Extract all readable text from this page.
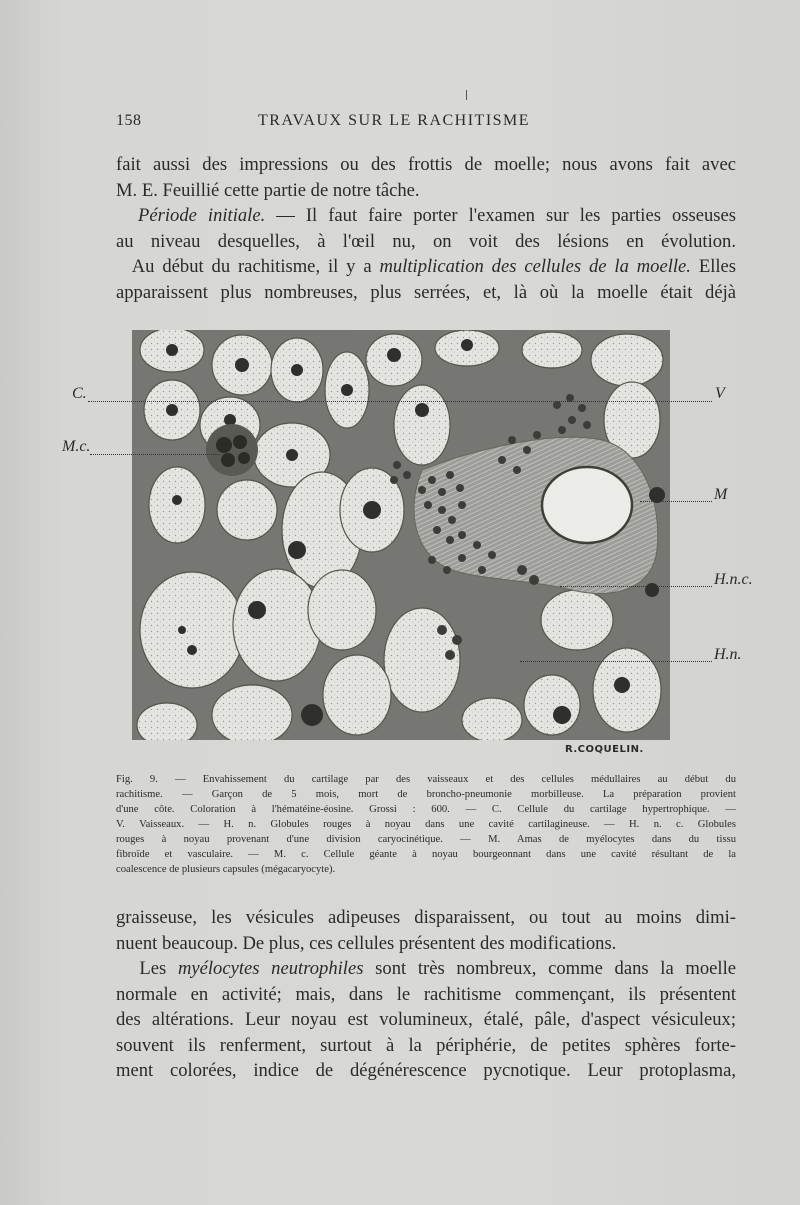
158	TRAVAUX SUR LE RACHITISME
fait aussi des impressions ou des frottis de moelle; nous avons fait avec
M. E. Feuillié cette partie de notre tâche.
Période initiale. — Il faut faire porter l'examen sur les parties osseuses
au niveau desquelles, à l'œil nu, on voit des lésions en évolution.
Au début du rachitisme, il y a multiplication des cellules de la moelle. Elles
apparaissent plus nombreuses, plus serrées, et, là où la moelle était déjà
C.	V
M.c.
M
H.n.c.
H.n.
R.COQUELIN.
Fig. 9. — Envahissement du cartilage par des vaisseaux et des cellules médullaires au début du
rachitisme. — Garçon de 5 mois, mort de broncho-pneumonie morbilleuse. La préparation provient
d'une côte. Coloration à l'hématéine-éosine. Grossi : 600. — C. Cellule du cartilage hypertrophique. —
V. Vaisseaux. — H. n. Globules rouges à noyau dans une cavité cartilagineuse. — H. n. c. Globules
rouges à noyau provenant d'une division caryocinétique. — M. Amas de myélocytes dans du tissu
fibroïde et vasculaire. — M. c. Cellule géante à noyau bourgeonnant dans une cavité résultant de la
coalescence de plusieurs capsules (mégacaryocyte).
graisseuse, les vésicules adipeuses disparaissent, ou tout au moins dimi-
nuent beaucoup. De plus, ces cellules présentent des modifications.
Les myélocytes neutrophiles sont très nombreux, comme dans la moelle
normale en activité; mais, dans le rachitisme commençant, ils présentent
des altérations. Leur noyau est volumineux, étalé, pâle, d'aspect vésiculeux;
souvent ils renferment, surtout à la périphérie, de petites sphères forte-
ment colorées, indice de dégénérescence pycnotique. Leur protoplasma,
